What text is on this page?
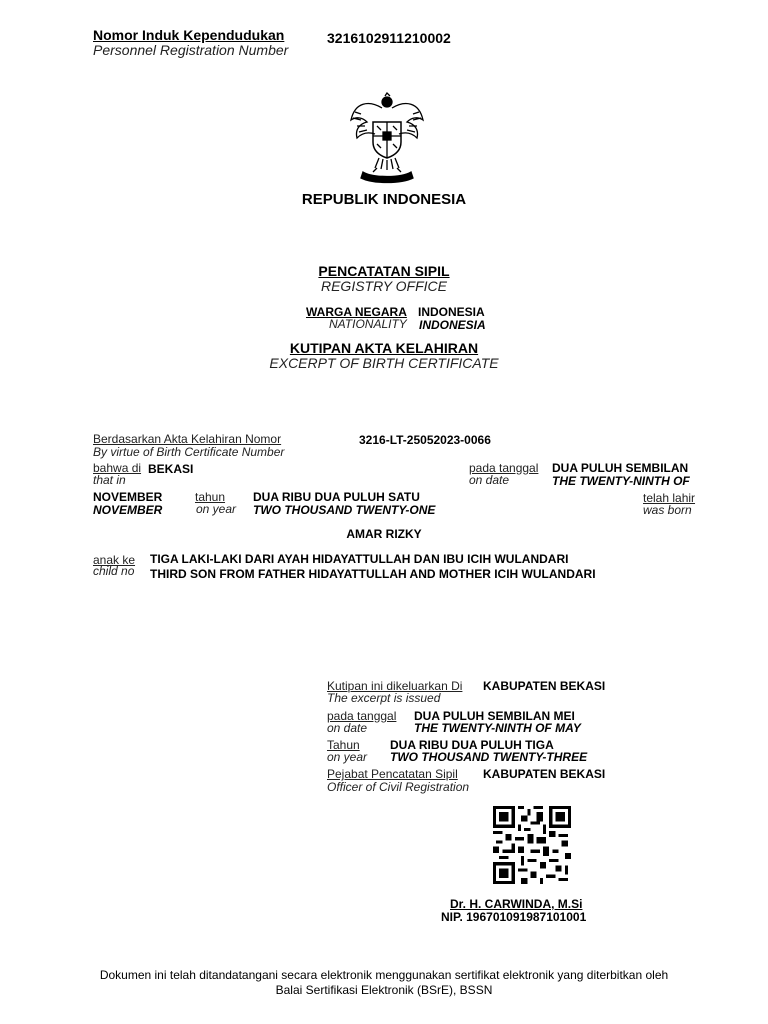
Nomor Induk Kependudukan
Personnel Registration Number
3216102911210002
REPUBLIK INDONESIA
PENCATATAN SIPIL
REGISTRY OFFICE
WARGA NEGARA INDONESIA
NATIONALITY INDONESIA
KUTIPAN AKTA KELAHIRAN
EXCERPT OF BIRTH CERTIFICATE
Berdasarkan Akta Kelahiran Nomor
By virtue of Birth Certificate Number
3216-LT-25052023-0066
bahwa di BEKASI
that in
pada tanggal
on date
DUA PULUH SEMBILAN
THE TWENTY-NINTH OF
NOVEMBER
NOVEMBER
tahun
on year
DUA RIBU DUA PULUH SATU
TWO THOUSAND TWENTY-ONE
telah lahir
was born
AMAR RIZKY
anak ke
child no
TIGA LAKI-LAKI DARI AYAH HIDAYATTULLAH DAN IBU ICIH WULANDARI
THIRD SON FROM FATHER HIDAYATTULLAH AND MOTHER ICIH WULANDARI
Kutipan ini dikeluarkan Di
The excerpt is issued
KABUPATEN BEKASI
pada tanggal
on date
DUA PULUH SEMBILAN MEI
THE TWENTY-NINTH OF MAY
Tahun
on year
DUA RIBU DUA PULUH TIGA
TWO THOUSAND TWENTY-THREE
Pejabat Pencatatan Sipil
Officer of Civil Registration
KABUPATEN BEKASI
Dr. H. CARWINDA, M.Si
NIP. 196701091987101001
Dokumen ini telah ditandatangani secara elektronik menggunakan sertifikat elektronik yang diterbitkan oleh
Balai Sertifikasi Elektronik (BSrE), BSSN
